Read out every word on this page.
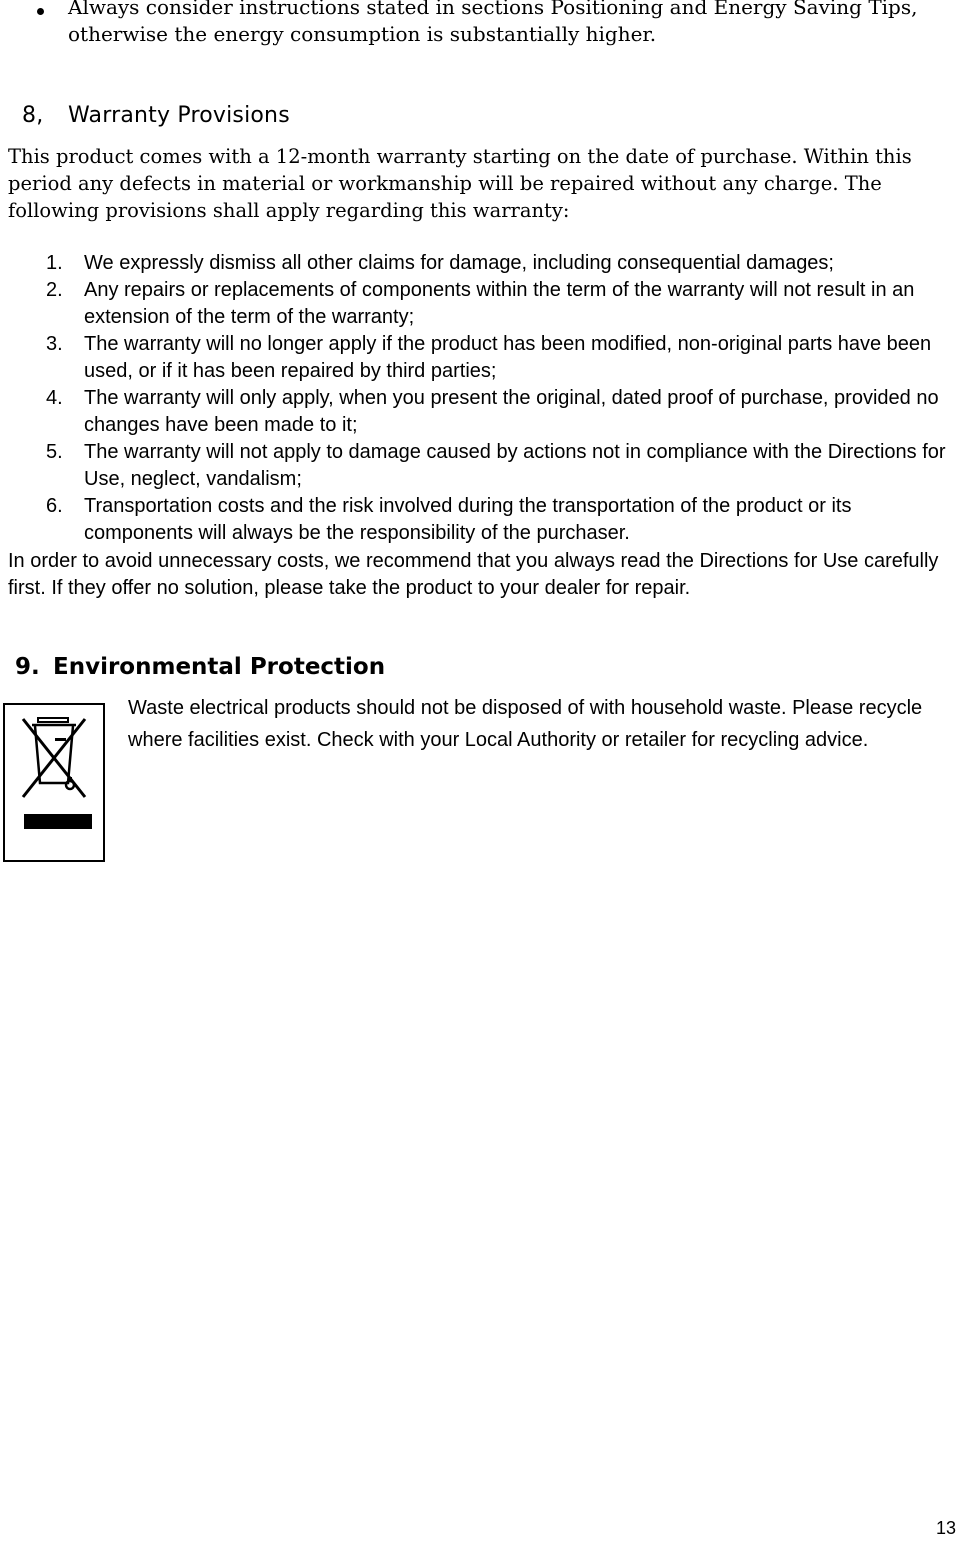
Always consider instructions stated in sections Positioning and Energy Saving Tips, otherwise the energy consumption is substantially higher.
8, Warranty Provisions
This product comes with a 12-month warranty starting on the date of purchase. Within this period any defects in material or workmanship will be repaired without any charge. The following provisions shall apply regarding this warranty:
1. We expressly dismiss all other claims for damage, including consequential damages;
2. Any repairs or replacements of components within the term of the warranty will not result in an extension of the term of the warranty;
3. The warranty will no longer apply if the product has been modified, non-original parts have been used, or if it has been repaired by third parties;
4. The warranty will only apply, when you present the original, dated proof of purchase, provided no changes have been made to it;
5. The warranty will not apply to damage caused by actions not in compliance with the Directions for Use, neglect, vandalism;
6. Transportation costs and the risk involved during the transportation of the product or its components will always be the responsibility of the purchaser.
In order to avoid unnecessary costs, we recommend that you always read the Directions for Use carefully first. If they offer no solution, please take the product to your dealer for repair.
9. Environmental Protection
Waste electrical products should not be disposed of with household waste. Please recycle where facilities exist. Check with your Local Authority or retailer for recycling advice.
13
